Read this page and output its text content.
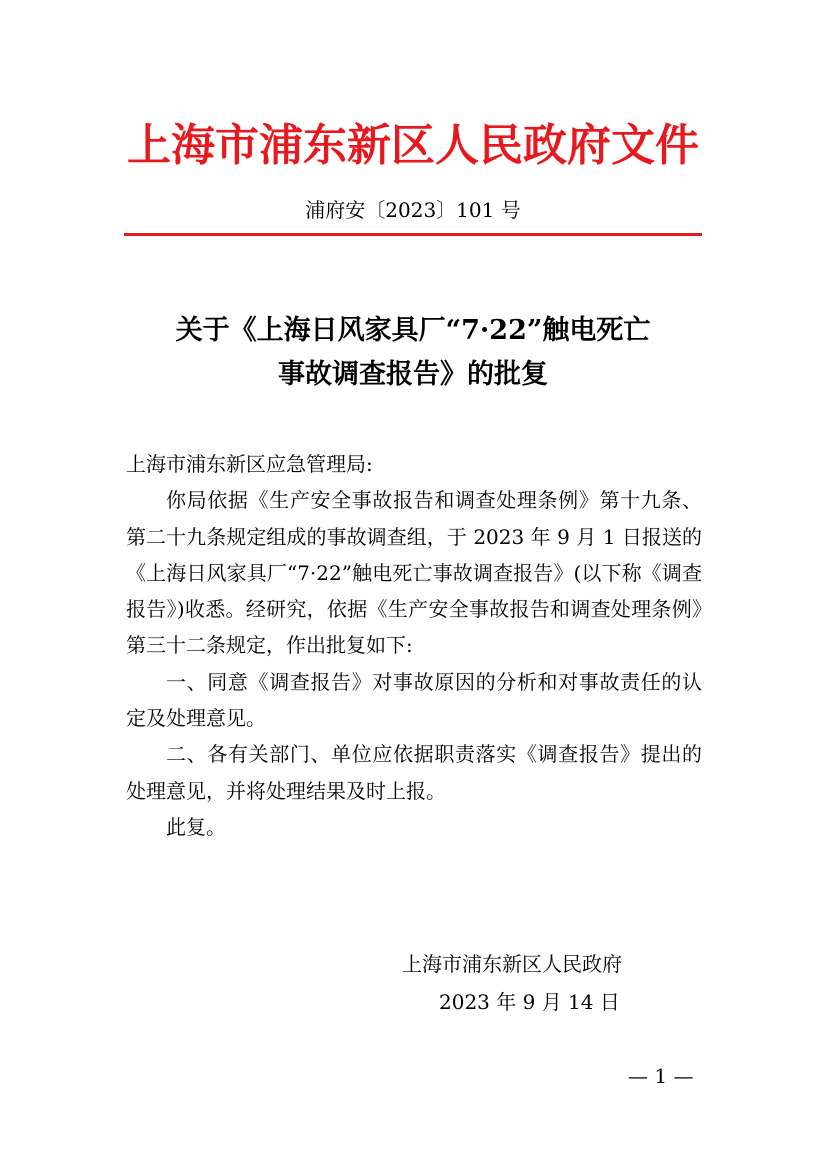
上海市浦东新区人民政府文件
浦府安〔2023〕101 号
关于《上海日风家具厂“7·22”触电死亡
事故调查报告》的批复

上海市浦东新区应急管理局:

你局依据《生产安全事故报告和调查处理条例》第十九条、第二十九条规定组成的事故调查组，于 2023 年 9 月 1 日报送的《上海日风家具厂“7·22”触电死亡事故调查报告》(以下称《调查报告》)收悉。经研究，依据《生产安全事故报告和调查处理条例》第三十二条规定，作出批复如下:

一、同意《调查报告》对事故原因的分析和对事故责任的认定及处理意见。

二、各有关部门、单位应依据职责落实《调查报告》提出的处理意见，并将处理结果及时上报。

此复。

上海市浦东新区人民政府
2023 年 9 月 14 日
— 1 —
